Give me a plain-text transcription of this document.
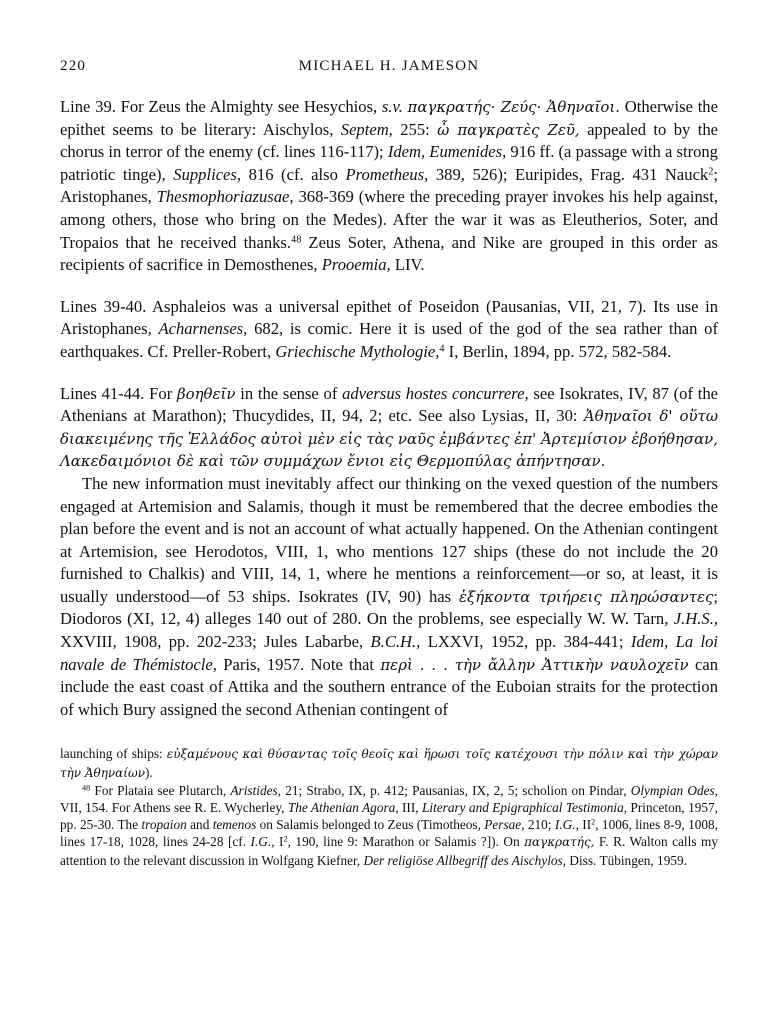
220	MICHAEL H. JAMESON

Line 39. For Zeus the Almighty see Hesychios, s.v. παγκρατής· Ζεύς· Ἀθηναῖοι. Otherwise the epithet seems to be literary: Aischylos, Septem, 255: ὦ παγκρατὲς Ζεῦ, appealed to by the chorus in terror of the enemy (cf. lines 116-117); Idem, Eumenides, 916 ff. (a passage with a strong patriotic tinge), Supplices, 816 (cf. also Prometheus, 389, 526); Euripides, Frag. 431 Nauck$^2$; Aristophanes, Thesmophoriazusae, 368-369 (where the preceding prayer invokes his help against, among others, those who bring on the Medes). After the war it was as Eleutherios, Soter, and Tropaios that he received thanks.$^{48}$ Zeus Soter, Athena, and Nike are grouped in this order as recipients of sacrifice in Demosthenes, Prooemia, LIV.

Lines 39-40. Asphaleios was a universal epithet of Poseidon (Pausanias, VII, 21, 7). Its use in Aristophanes, Acharnenses, 682, is comic. Here it is used of the god of the sea rather than of earthquakes. Cf. Preller-Robert, Griechische Mythologie,$^4$ I, Berlin, 1894, pp. 572, 582-584.

Lines 41-44. For βοηθεῖν in the sense of adversus hostes concurrere, see Isokrates, IV, 87 (of the Athenians at Marathon); Thucydides, II, 94, 2; etc. See also Lysias, II, 30: Ἀθηναῖοι δ' οὕτω διακειμένης τῆς Ἑλλάδος αὐτοὶ μὲν εἰς τὰς ναῦς ἐμβάντες ἐπ' Ἀρτεμίσιον ἐβοήθησαν, Λακεδαιμόνιοι δὲ καὶ τῶν συμμάχων ἔνιοι εἰς Θερμοπύλας ἀπήντησαν.

The new information must inevitably affect our thinking on the vexed question of the numbers engaged at Artemision and Salamis, though it must be remembered that the decree embodies the plan before the event and is not an account of what actually happened. On the Athenian contingent at Artemision, see Herodotos, VIII, 1, who mentions 127 ships (these do not include the 20 furnished to Chalkis) and VIII, 14, 1, where he mentions a reinforcement—or so, at least, it is usually understood—of 53 ships. Isokrates (IV, 90) has ἑξήκοντα τριήρεις πληρώσαντες; Diodoros (XI, 12, 4) alleges 140 out of 280. On the problems, see especially W. W. Tarn, J.H.S., XXVIII, 1908, pp. 202-233; Jules Labarbe, B.C.H., LXXVI, 1952, pp. 384-441; Idem, La loi navale de Thémistocle, Paris, 1957. Note that περὶ . . . τὴν ἄλλην Ἀττικὴν ναυλοχεῖν can include the east coast of Attika and the southern entrance of the Euboian straits for the protection of which Bury assigned the second Athenian contingent of

launching of ships: εὐξαμένους καὶ θύσαντας τοῖς θεοῖς καὶ ἥρωσι τοῖς κατέχουσι τὴν πόλιν καὶ τὴν χώραν τὴν Ἀθηναίων).

$^{48}$ For Plataia see Plutarch, Aristides, 21; Strabo, IX, p. 412; Pausanias, IX, 2, 5; scholion on Pindar, Olympian Odes, VII, 154. For Athens see R. E. Wycherley, The Athenian Agora, III, Literary and Epigraphical Testimonia, Princeton, 1957, pp. 25-30. The tropaion and temenos on Salamis belonged to Zeus (Timotheos, Persae, 210; I.G., $II^2$, 1006, lines 8-9, 1008, lines 17-18, 1028, lines 24-28 [cf. I.G., $I^2$, 190, line 9: Marathon or Salamis ?]). On παγκρατής, F. R. Walton calls my attention to the relevant discussion in Wolfgang Kiefner, Der religiöse Allbegriff des Aischylos, Diss. Tübingen, 1959.
